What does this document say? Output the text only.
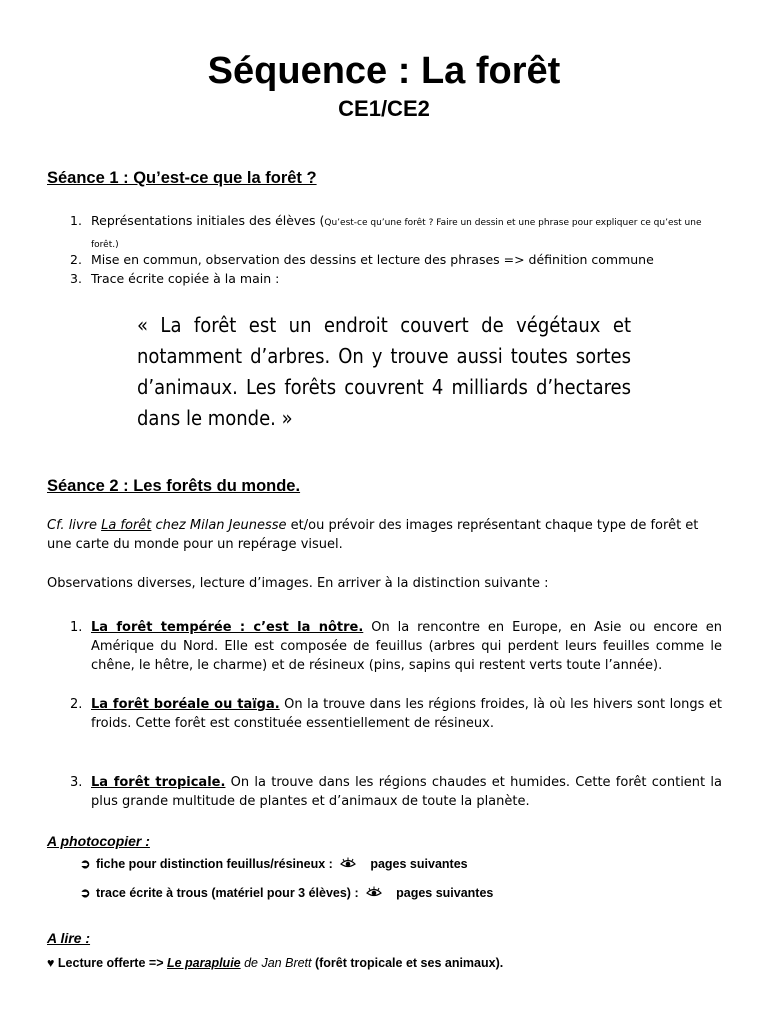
Séquence : La forêt
CE1/CE2
Séance 1 : Qu’est-ce que la forêt ?
1. Représentations initiales des élèves (Qu’est-ce qu’une forêt ? Faire un dessin et une phrase pour expliquer ce qu’est une forêt.)
2. Mise en commun, observation des dessins et lecture des phrases => définition commune
3. Trace écrite copiée à la main :
« La forêt est un endroit couvert de végétaux et notamment d’arbres. On y trouve aussi toutes sortes d’animaux. Les forêts couvrent 4 milliards d’hectares dans le monde. »
Séance 2 : Les forêts du monde.
Cf. livre La forêt chez Milan Jeunesse et/ou prévoir des images représentant chaque type de forêt et une carte du monde pour un repérage visuel.
Observations diverses, lecture d’images. En arriver à la distinction suivante :
1. La forêt tempérée : c’est la nôtre. On la rencontre en Europe, en Asie ou encore en Amérique du Nord. Elle est composée de feuillus (arbres qui perdent leurs feuilles comme le chêne, le hêtre, le charme) et de résineux (pins, sapins qui restent verts toute l’année).
2. La forêt boréale ou taïga. On la trouve dans les régions froides, là où les hivers sont longs et froids. Cette forêt est constituée essentiellement de résineux.
3. La forêt tropicale. On la trouve dans les régions chaudes et humides. Cette forêt contient la plus grande multitude de plantes et d’animaux de toute la planète.
A photocopier :
➲ fiche pour distinction feuillus/résineux :	pages suivantes
➲ trace écrite à trous (matériel pour 3 élèves) :	pages suivantes
A lire :
♥ Lecture offerte => Le parapluie de Jan Brett (forêt tropicale et ses animaux).
